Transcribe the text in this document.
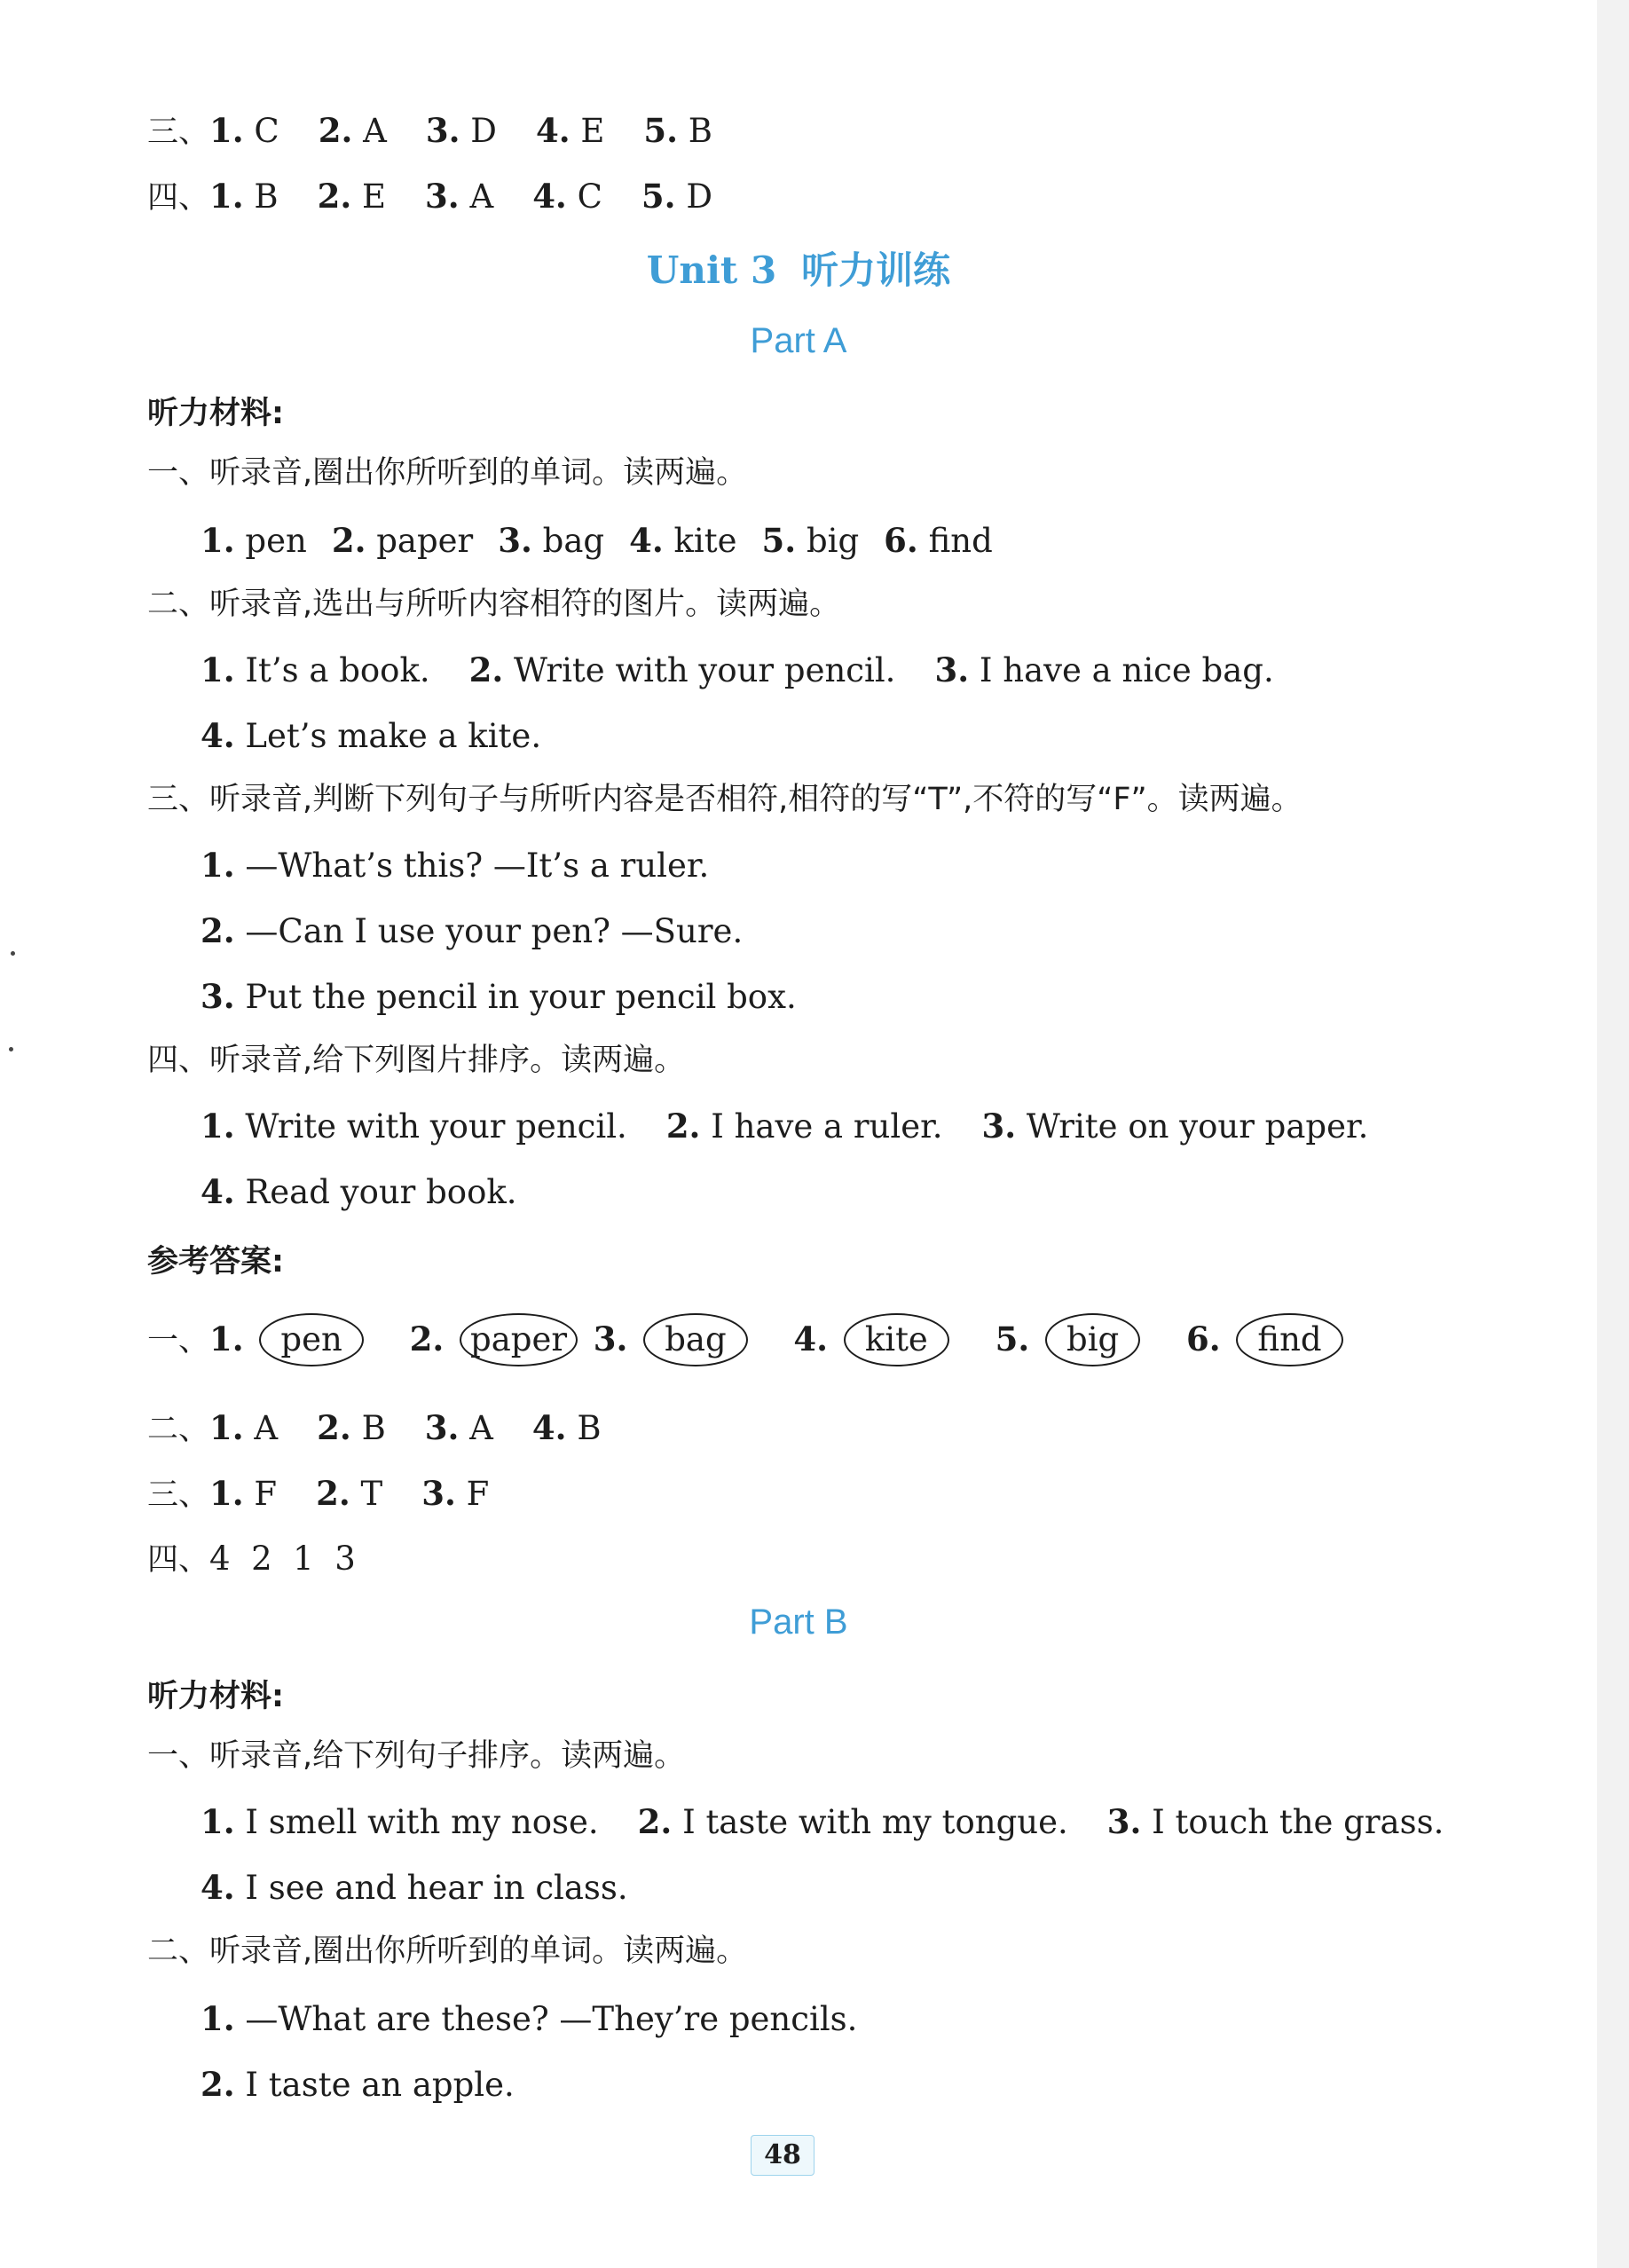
三、1. C 2. A 3. D 4. E 5. B
四、1. B 2. E 3. A 4. C 5. D
Unit 3 听力训练
Part A
听力材料:
一、听录音,圈出你所听到的单词。读两遍。
1. pen 2. paper 3. bag 4. kite 5. big 6. find
二、听录音,选出与所听内容相符的图片。读两遍。
1. It’s a book. 2. Write with your pencil. 3. I have a nice bag.
4. Let’s make a kite.
三、听录音,判断下列句子与所听内容是否相符,相符的写“T”,不符的写“F”。读两遍。
1. —What’s this? —It’s a ruler.
2. —Can I use your pen? —Sure.
3. Put the pencil in your pencil box.
四、听录音,给下列图片排序。读两遍。
1. Write with your pencil. 2. I have a ruler. 3. Write on your paper.
4. Read your book.
参考答案:
一、1. pen 2. paper 3. bag 4. kite 5. big 6. find
二、1. A 2. B 3. A 4. B
三、1. F 2. T 3. F
四、4  2  1  3
Part B
听力材料:
一、听录音,给下列句子排序。读两遍。
1. I smell with my nose. 2. I taste with my tongue. 3. I touch the grass.
4. I see and hear in class.
二、听录音,圈出你所听到的单词。读两遍。
1. —What are these? —They’re pencils.
2. I taste an apple.
48
